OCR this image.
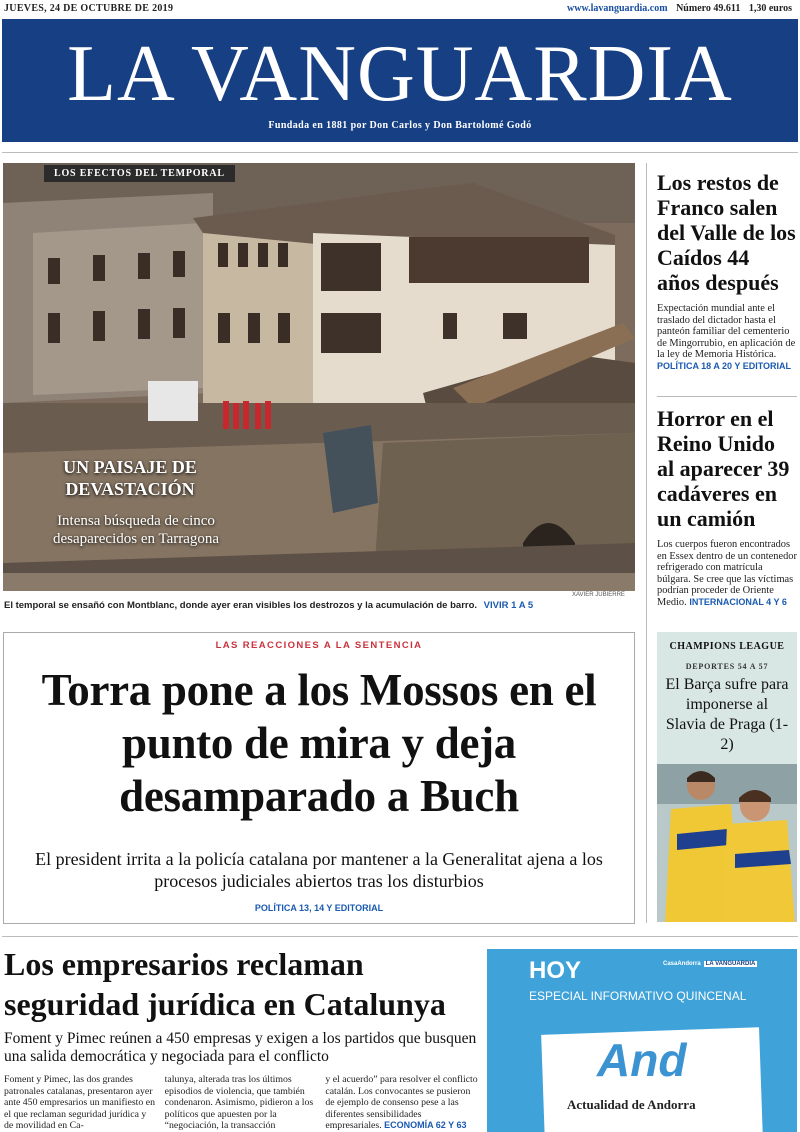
JUEVES, 24 DE OCTUBRE DE 2019	www.lavanguardia.com Número 49.611 1,30 euros
LA VANGUARDIA
Fundada en 1881 por Don Carlos y Don Bartolomé Godó
LOS EFECTOS DEL TEMPORAL
UN PAISAJE DE DEVASTACIÓN
Intensa búsqueda de cinco desaparecidos en Tarragona
XAVIER JUBIERRE
El temporal se ensañó con Montblanc, donde ayer eran visibles los destrozos y la acumulación de barro. VIVIR 1 A 5
Los restos de Franco salen del Valle de los Caídos 44 años después
Expectación mundial ante el traslado del dictador hasta el panteón familiar del cementerio de Mingorrubio, en aplicación de la ley de Memoria Histórica. POLÍTICA 18 A 20 Y EDITORIAL
Horror en el Reino Unido al aparecer 39 cadáveres en un camión
Los cuerpos fueron encontrados en Essex dentro de un contenedor refrigerado con matrícula búlgara. Se cree que las víctimas podrían proceder de Oriente Medio. INTERNACIONAL 4 Y 6
CHAMPIONS LEAGUE
DEPORTES 54 A 57
El Barça sufre para imponerse al Slavia de Praga (1-2)
LAS REACCIONES A LA SENTENCIA
Torra pone a los Mossos en el punto de mira y deja desamparado a Buch
El president irrita a la policía catalana por mantener a la Generalitat ajena a los procesos judiciales abiertos tras los disturbios
POLÍTICA 13, 14 Y EDITORIAL
Los empresarios reclaman seguridad jurídica en Catalunya
Foment y Pimec reúnen a 450 empresas y exigen a los partidos que busquen una salida democrática y negociada para el conflicto
Foment y Pimec, las dos grandes patronales catalanas, presentaron ayer ante 450 empresarios un manifiesto en el que reclaman seguridad jurídica y de movilidad en Ca-
talunya, alterada tras los últimos episodios de violencia, que también condenaron. Asimismo, pidieron a los políticos que apuesten por la “negociación, la transacción
y el acuerdo” para resolver el conflicto catalán. Los convocantes se pusieron de ejemplo de consenso pese a las diferentes sensibilidades empresariales. ECONOMÍA 62 Y 63
HOY	CasaAndorra LA VANGUARDIA
ESPECIAL INFORMATIVO QUINCENAL
And
Actualidad de Andorra
VerPortadas.es
